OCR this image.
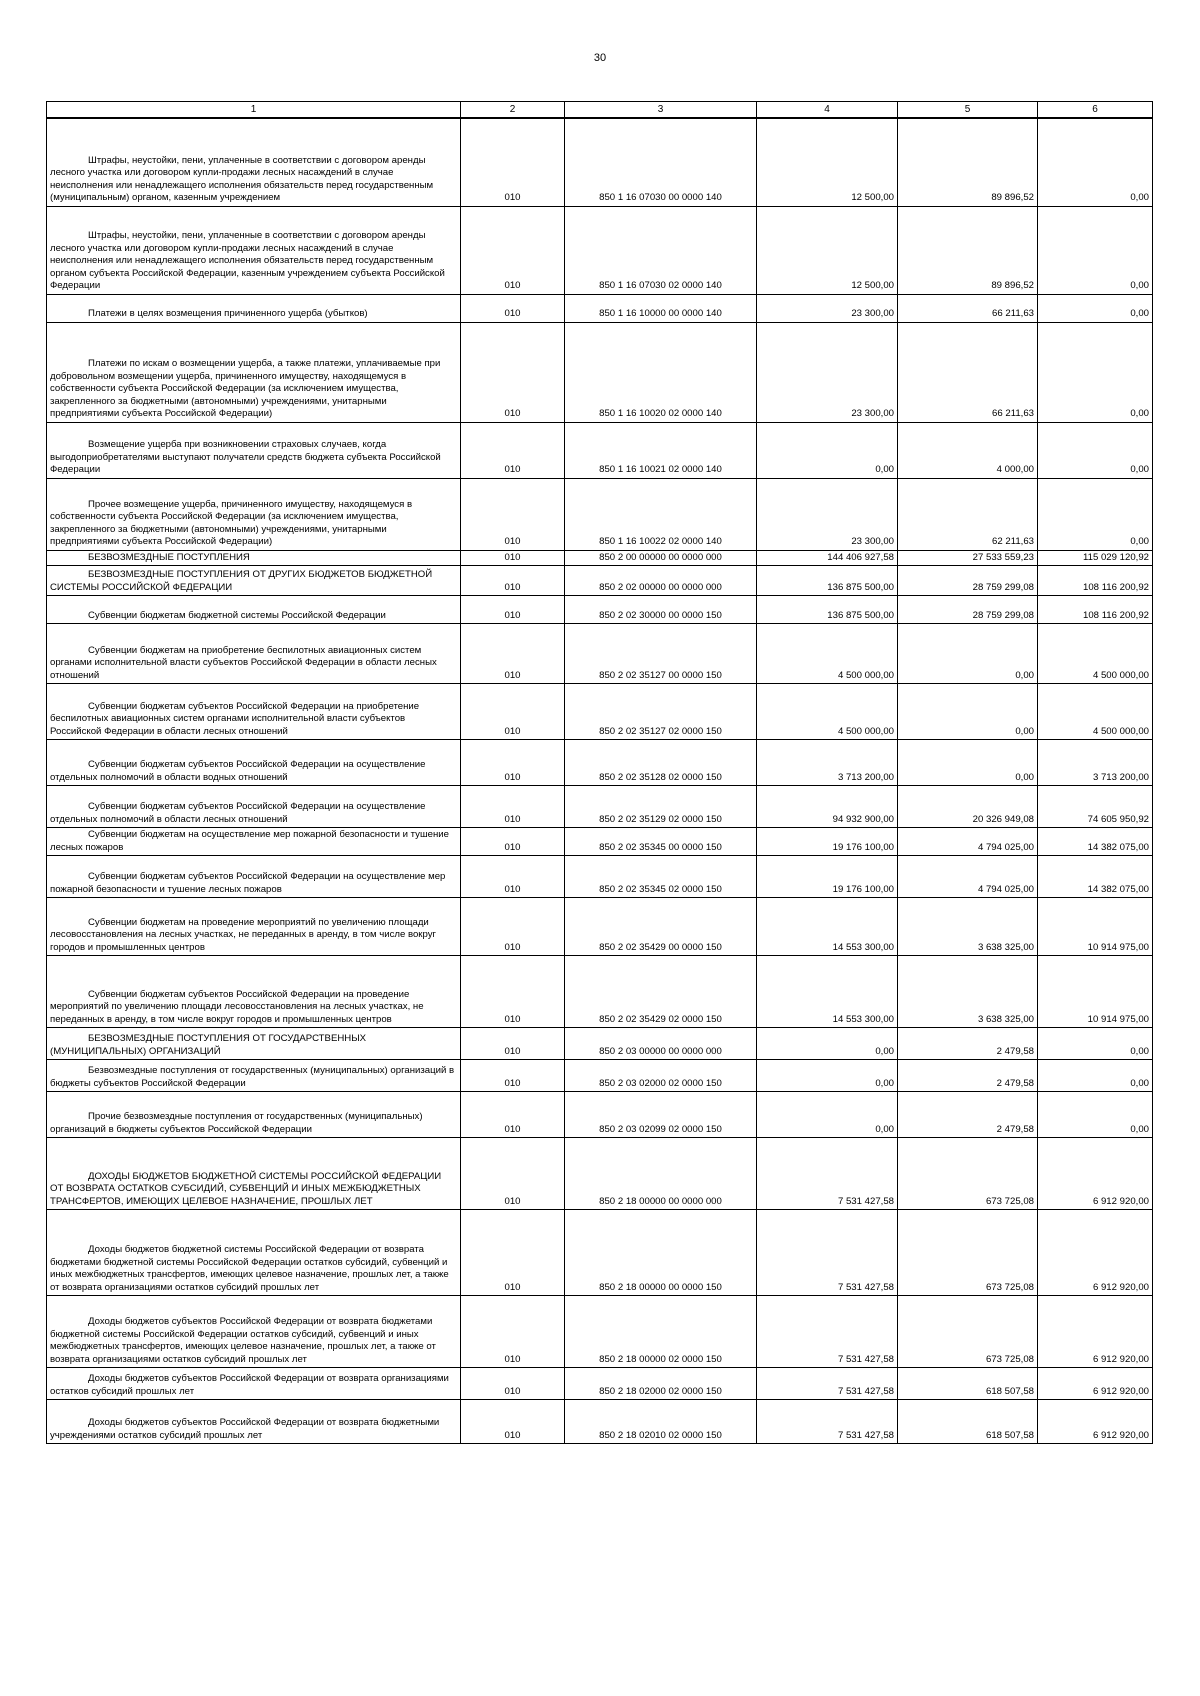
30
1	2	3	4	5	6
Штрафы, неустойки, пени, уплаченные в соответствии с договором аренды лесного участка или договором купли-продажи лесных насаждений в случае неисполнения или ненадлежащего исполнения обязательств перед государственным (муниципальным) органом, казенным учреждением	010	850 1 16 07030 00 0000 140	12 500,00	89 896,52	0,00
Штрафы, неустойки, пени, уплаченные в соответствии с договором аренды лесного участка или договором купли-продажи лесных насаждений в случае неисполнения или ненадлежащего исполнения обязательств перед государственным органом субъекта Российской Федерации, казенным учреждением субъекта Российской Федерации	010	850 1 16 07030 02 0000 140	12 500,00	89 896,52	0,00
Платежи в целях возмещения причиненного ущерба (убытков)	010	850 1 16 10000 00 0000 140	23 300,00	66 211,63	0,00
Платежи по искам о возмещении ущерба, а также платежи, уплачиваемые при добровольном возмещении ущерба, причиненного имуществу, находящемуся в собственности субъекта Российской Федерации (за исключением имущества, закрепленного за бюджетными (автономными) учреждениями, унитарными предприятиями субъекта Российской Федерации)	010	850 1 16 10020 02 0000 140	23 300,00	66 211,63	0,00
Возмещение ущерба при возникновении страховых случаев, когда выгодоприобретателями выступают получатели средств бюджета субъекта Российской Федерации	010	850 1 16 10021 02 0000 140	0,00	4 000,00	0,00
Прочее возмещение ущерба, причиненного имуществу, находящемуся в собственности субъекта Российской Федерации (за исключением имущества, закрепленного за бюджетными (автономными) учреждениями, унитарными предприятиями субъекта Российской Федерации)	010	850 1 16 10022 02 0000 140	23 300,00	62 211,63	0,00
БЕЗВОЗМЕЗДНЫЕ ПОСТУПЛЕНИЯ	010	850 2 00 00000 00 0000 000	144 406 927,58	27 533 559,23	115 029 120,92
БЕЗВОЗМЕЗДНЫЕ ПОСТУПЛЕНИЯ ОТ ДРУГИХ БЮДЖЕТОВ БЮДЖЕТНОЙ СИСТЕМЫ РОССИЙСКОЙ ФЕДЕРАЦИИ	010	850 2 02 00000 00 0000 000	136 875 500,00	28 759 299,08	108 116 200,92
Субвенции бюджетам бюджетной системы Российской Федерации	010	850 2 02 30000 00 0000 150	136 875 500,00	28 759 299,08	108 116 200,92
Субвенции бюджетам на приобретение беспилотных авиационных систем органами исполнительной власти субъектов Российской Федерации в области лесных отношений	010	850 2 02 35127 00 0000 150	4 500 000,00	0,00	4 500 000,00
Субвенции бюджетам субъектов Российской Федерации на приобретение беспилотных авиационных систем органами исполнительной власти субъектов Российской Федерации в области лесных отношений	010	850 2 02 35127 02 0000 150	4 500 000,00	0,00	4 500 000,00
Субвенции бюджетам субъектов Российской Федерации на осуществление отдельных полномочий в области водных отношений	010	850 2 02 35128 02 0000 150	3 713 200,00	0,00	3 713 200,00
Субвенции бюджетам субъектов Российской Федерации на осуществление отдельных полномочий в области лесных отношений	010	850 2 02 35129 02 0000 150	94 932 900,00	20 326 949,08	74 605 950,92
Субвенции бюджетам на осуществление мер пожарной безопасности и тушение лесных пожаров	010	850 2 02 35345 00 0000 150	19 176 100,00	4 794 025,00	14 382 075,00
Субвенции бюджетам субъектов Российской Федерации на осуществление мер пожарной безопасности и тушение лесных пожаров	010	850 2 02 35345 02 0000 150	19 176 100,00	4 794 025,00	14 382 075,00
Субвенции бюджетам на проведение мероприятий по увеличению площади лесовосстановления на лесных участках, не переданных в аренду, в том числе вокруг городов и промышленных центров	010	850 2 02 35429 00 0000 150	14 553 300,00	3 638 325,00	10 914 975,00
Субвенции бюджетам субъектов Российской Федерации на проведение мероприятий по увеличению площади лесовосстановления на лесных участках, не переданных в аренду, в том числе вокруг городов и промышленных центров	010	850 2 02 35429 02 0000 150	14 553 300,00	3 638 325,00	10 914 975,00
БЕЗВОЗМЕЗДНЫЕ ПОСТУПЛЕНИЯ ОТ ГОСУДАРСТВЕННЫХ (МУНИЦИПАЛЬНЫХ) ОРГАНИЗАЦИЙ	010	850 2 03 00000 00 0000 000	0,00	2 479,58	0,00
Безвозмездные поступления от государственных (муниципальных) организаций в бюджеты субъектов Российской Федерации	010	850 2 03 02000 02 0000 150	0,00	2 479,58	0,00
Прочие безвозмездные поступления от государственных (муниципальных) организаций в бюджеты субъектов Российской Федерации	010	850 2 03 02099 02 0000 150	0,00	2 479,58	0,00
ДОХОДЫ БЮДЖЕТОВ БЮДЖЕТНОЙ СИСТЕМЫ РОССИЙСКОЙ ФЕДЕРАЦИИ ОТ ВОЗВРАТА ОСТАТКОВ СУБСИДИЙ, СУБВЕНЦИЙ И ИНЫХ МЕЖБЮДЖЕТНЫХ ТРАНСФЕРТОВ, ИМЕЮЩИХ ЦЕЛЕВОЕ НАЗНАЧЕНИЕ, ПРОШЛЫХ ЛЕТ	010	850 2 18 00000 00 0000 000	7 531 427,58	673 725,08	6 912 920,00
Доходы бюджетов бюджетной системы Российской Федерации от возврата бюджетами бюджетной системы Российской Федерации остатков субсидий, субвенций и иных межбюджетных трансфертов, имеющих целевое назначение, прошлых лет, а также от возврата организациями остатков субсидий прошлых лет	010	850 2 18 00000 00 0000 150	7 531 427,58	673 725,08	6 912 920,00
Доходы бюджетов субъектов Российской Федерации от возврата бюджетами бюджетной системы Российской Федерации остатков субсидий, субвенций и иных межбюджетных трансфертов, имеющих целевое назначение, прошлых лет, а также от возврата организациями остатков субсидий прошлых лет	010	850 2 18 00000 02 0000 150	7 531 427,58	673 725,08	6 912 920,00
Доходы бюджетов субъектов Российской Федерации от возврата организациями остатков субсидий прошлых лет	010	850 2 18 02000 02 0000 150	7 531 427,58	618 507,58	6 912 920,00
Доходы бюджетов субъектов Российской Федерации от возврата бюджетными учреждениями остатков субсидий прошлых лет	010	850 2 18 02010 02 0000 150	7 531 427,58	618 507,58	6 912 920,00
